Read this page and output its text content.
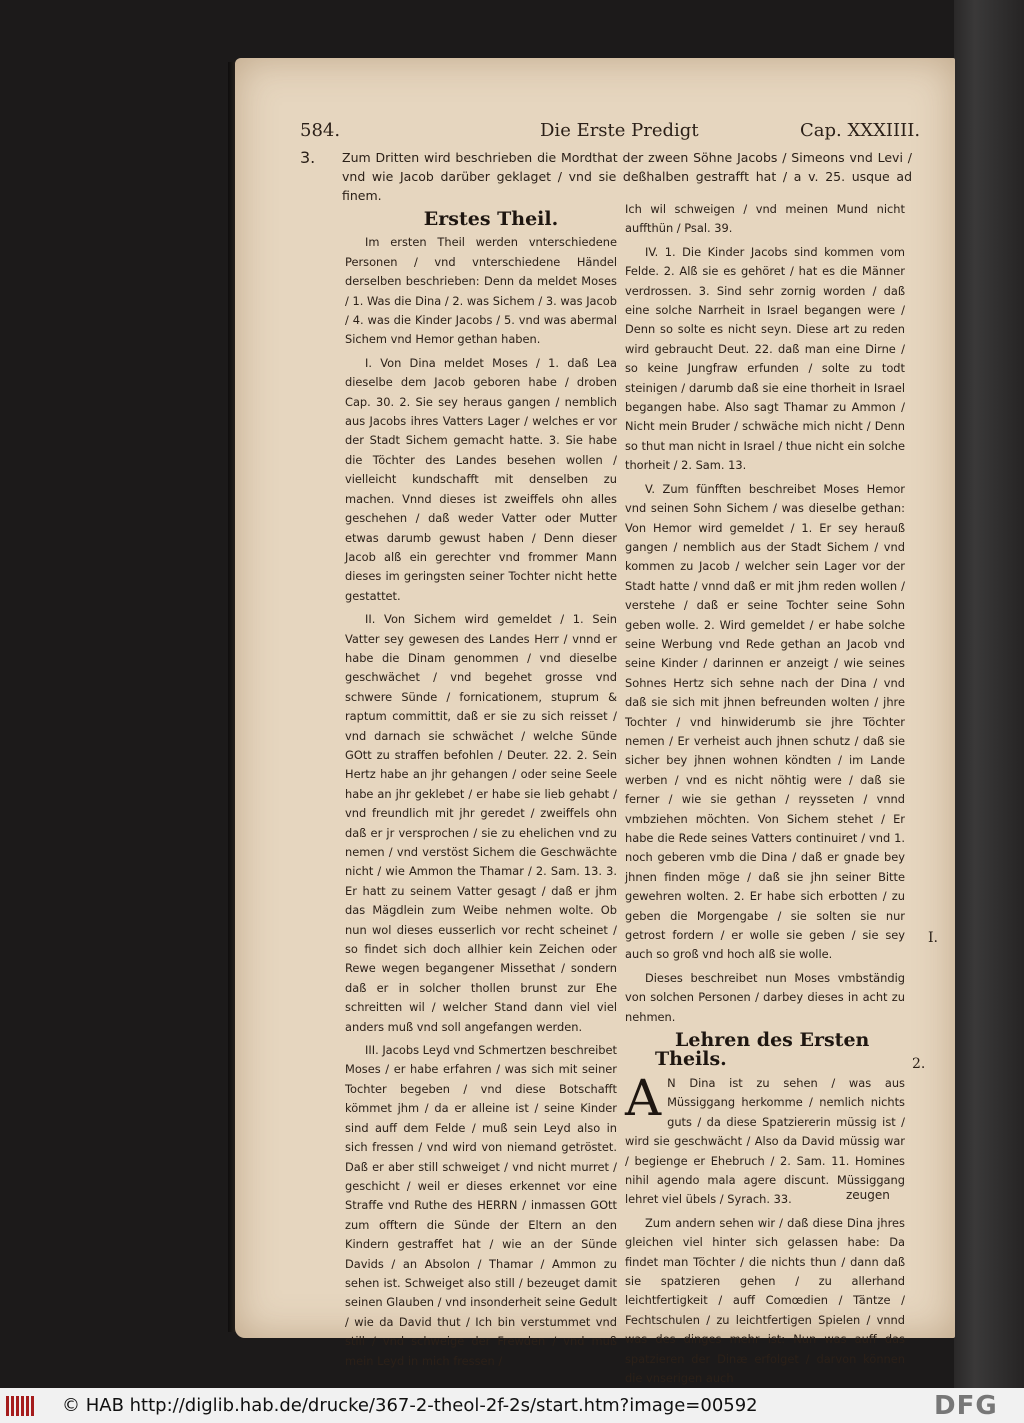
584.	Die Erste Predigt	Cap. XXXIIII.
3. Zum Dritten wird beschrieben die Mordthat der zween Söhne Jacobs / Simeons vnd Levi / vnd wie Jacob darüber geklaget / vnd sie deßhalben gestrafft hat / a v. 25. usque ad finem.

Erstes Theil.

Im ersten Theil werden vnterschiedene Personen / vnd vnterschiedene Händel derselben beschrieben: Denn da meldet Moses / 1. Was die Dina / 2. was Sichem / 3. was Jacob / 4. was die Kinder Jacobs / 5. vnd was abermal Sichem vnd Hemor gethan haben.

I. Von Dina meldet Moses / 1. daß Lea dieselbe dem Jacob geboren habe / droben Cap. 30. 2. Sie sey heraus gangen / nemblich aus Jacobs ihres Vatters Lager / welches er vor der Stadt Sichem gemacht hatte. 3. Sie habe die Töchter des Landes besehen wollen / vielleicht kundschafft mit denselben zu machen. Vnnd dieses ist zweiffels ohn alles geschehen / daß weder Vatter oder Mutter etwas darumb gewust haben / Denn dieser Jacob alß ein gerechter vnd frommer Mann dieses im geringsten seiner Tochter nicht hette gestattet.

II. Von Sichem wird gemeldet / 1. Sein Vatter sey gewesen des Landes Herr / vnnd er habe die Dinam genommen / vnd dieselbe geschwächet / vnd begehet grosse vnd schwere Sünde / fornicationem, stuprum & raptum committit, daß er sie zu sich reisset / vnd darnach sie schwächet / welche Sünde GOtt zu straffen befohlen / Deuter. 22. 2. Sein Hertz habe an jhr gehangen / oder seine Seele habe an jhr geklebet / er habe sie lieb gehabt / vnd freundlich mit jhr geredet / zweiffels ohn daß er jr versprochen / sie zu ehelichen vnd zu nemen / vnd verstöst Sichem die Geschwächte nicht / wie Ammon the Thamar / 2. Sam. 13. 3. Er hatt zu seinem Vatter gesagt / daß er jhm das Mägdlein zum Weibe nehmen wolte. Ob nun wol dieses eusserlich vor recht scheinet / so findet sich doch allhier kein Zeichen oder Rewe wegen begangener Missethat / sondern daß er in solcher thollen brunst zur Ehe schreitten wil / welcher Stand dann viel viel anders muß vnd soll angefangen werden.

III. Jacobs Leyd vnd Schmertzen beschreibet Moses / er habe erfahren / was sich mit seiner Tochter begeben / vnd diese Botschafft kömmet jhm / da er alleine ist / seine Kinder sind auff dem Felde / muß sein Leyd also in sich fressen / vnd wird von niemand getröstet. Daß er aber still schweiget / vnd nicht murret / geschicht / weil er dieses erkennet vor eine Straffe vnd Ruthe des HERRN / inmassen GOtt zum offtern die Sünde der Eltern an den Kindern gestraffet hat / wie an der Sünde Davids / an Absolon / Thamar / Ammon zu sehen ist. Schweiget also still / bezeuget damit seinen Glauben / vnd insonderheit seine Gedult / wie da David thut / Ich bin verstummet vnd still / vnd schweige der Frewden / vnd muß mein Leyd in mich fressen /

Ich wil schweigen / vnd meinen Mund nicht auffthün / Psal. 39.

IV. 1. Die Kinder Jacobs sind kommen vom Felde. 2. Alß sie es gehöret / hat es die Männer verdrossen. 3. Sind sehr zornig worden / daß eine solche Narrheit in Israel begangen were / Denn so solte es nicht seyn. Diese art zu reden wird gebraucht Deut. 22. daß man eine Dirne / so keine Jungfraw erfunden / solte zu todt steinigen / darumb daß sie eine thorheit in Israel begangen habe. Also sagt Thamar zu Ammon / Nicht mein Bruder / schwäche mich nicht / Denn so thut man nicht in Israel / thue nicht ein solche thorheit / 2. Sam. 13.

V. Zum fünfften beschreibet Moses Hemor vnd seinen Sohn Sichem / was dieselbe gethan: Von Hemor wird gemeldet / 1. Er sey herauß gangen / nemblich aus der Stadt Sichem / vnd kommen zu Jacob / welcher sein Lager vor der Stadt hatte / vnnd daß er mit jhm reden wollen / verstehe / daß er seine Tochter seine Sohn geben wolle. 2. Wird gemeldet / er habe solche seine Werbung vnd Rede gethan an Jacob vnd seine Kinder / darinnen er anzeigt / wie seines Sohnes Hertz sich sehne nach der Dina / vnd daß sie sich mit jhnen befreunden wolten / jhre Tochter / vnd hinwiderumb sie jhre Töchter nemen / Er verheist auch jhnen schutz / daß sie sicher bey jhnen wohnen köndten / im Lande werben / vnd es nicht nöhtig were / daß sie ferner / wie sie gethan / reysseten / vnnd vmbziehen möchten. Von Sichem stehet / Er habe die Rede seines Vatters continuiret / vnd 1. noch geberen vmb die Dina / daß er gnade bey jhnen finden möge / daß sie jhn seiner Bitte gewehren wolten. 2. Er habe sich erbotten / zu geben die Morgengabe / sie solten sie nur getrost fordern / er wolle sie geben / sie sey auch so groß vnd hoch alß sie wolle.

Dieses beschreibet nun Moses vmbständig von solchen Personen / darbey dieses in acht zu nehmen.

Lehren des Ersten Theils.

A N Dina ist zu sehen / was aus Müssiggang herkomme / nemlich nichts guts / da diese Spatziererin müssig ist / wird sie geschwächt / Also da David müssig war / begienge er Ehebruch / 2. Sam. 11. Homines nihil agendo mala agere discunt. Müssiggang lehret viel übels / Syrach. 33.

Zum andern sehen wir / daß diese Dina jhres gleichen viel hinter sich gelassen habe: Da findet man Töchter / die nichts thun / dann daß sie spatzieren gehen / zu allerhand leichtfertigkeit / auff Comœdien / Täntze / Fechtschulen / zu leichtfertigen Spielen / vnnd was des dinges mehr ist: Nun was auff das spatzieren der Dinæ erfolget / darvon können die vnserigen auch

I.
2.
zeugen
© HAB http://diglib.hab.de/drucke/367-2-theol-2f-2s/start.htm?image=00592	DFG
